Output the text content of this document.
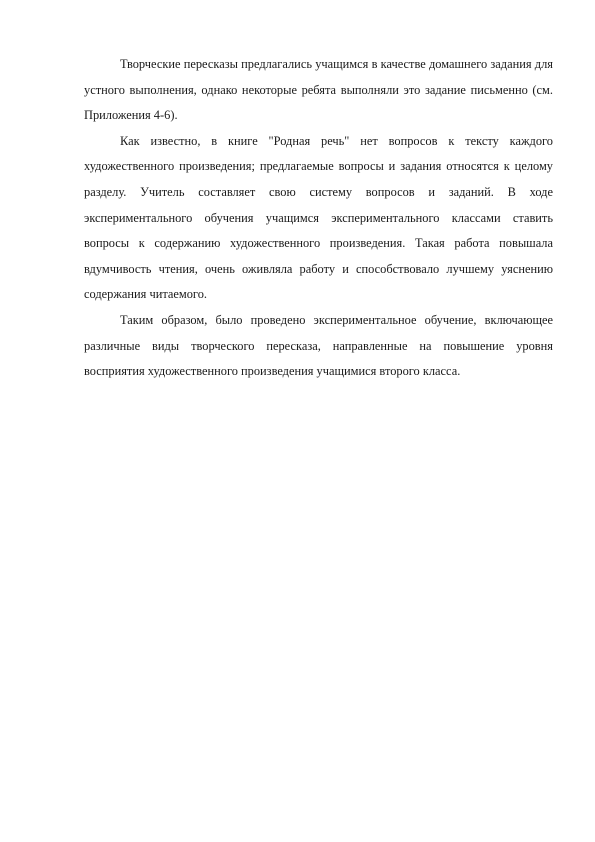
Творческие пересказы предлагались учащимся в качестве домашнего задания для устного выполнения, однако некоторые ребята выполняли это задание письменно (см. Приложения 4-6).

Как известно, в книге "Родная речь" нет вопросов к тексту каждого художественного произведения; предлагаемые вопросы и задания относятся к целому разделу. Учитель составляет свою систему вопросов и заданий. В ходе экспериментального обучения учащимся экспериментального классами ставить вопросы к содержанию художественного произведения. Такая работа повышала вдумчивость чтения, очень оживляла работу и способствовало лучшему уяснению содержания читаемого.

Таким образом, было проведено экспериментальное обучение, включающее различные виды творческого пересказа, направленные на повышение уровня восприятия художественного произведения учащимися второго класса.
